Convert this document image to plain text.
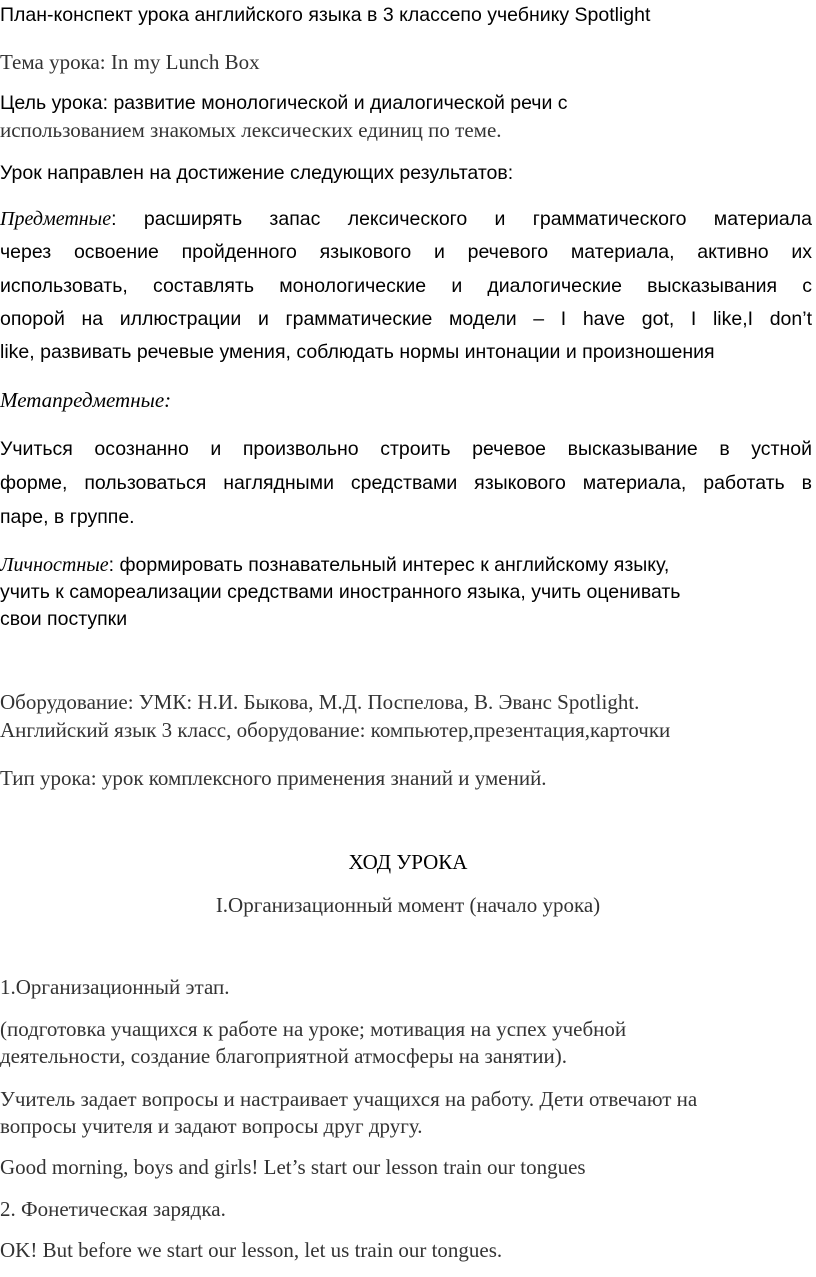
План-конспект урока английского языка в 3 классепо учебнику Spotlight

Тема урока: In my Lunch Box

Цель урока: развитие монологической и диалогической речи с

использованием знакомых лексических единиц по теме.

Урок направлен на достижение следующих результатов:

Предметные: расширять запас лексического и грамматического материала

через освоение пройденного языкового и речевого материала, активно их

использовать, составлять монологические и диалогические высказывания с

опорой на иллюстрации и грамматические модели – I have got, I like,I don’t

like, развивать речевые умения, соблюдать нормы интонации и произношения

Метапредметные:

Учиться осознанно и произвольно строить речевое высказывание в устной

форме, пользоваться наглядными средствами языкового материала, работать в

паре, в группе.

Личностные: формировать познавательный интерес к английскому языку,

учить к самореализации средствами иностранного языка, учить оценивать

свои поступки

Оборудование: УМК: Н.И. Быкова, М.Д. Поспелова, В. Эванс Spotlight.

Английский язык 3 класс, оборудование: компьютер,презентация,карточки

Тип урока: урок комплексного применения знаний и умений.

ХОД УРОКА

I.Организационный момент (начало урока)

1.Организационный этап.

(подготовка учащихся к работе на уроке; мотивация на успех учебной

деятельности, создание благоприятной атмосферы на занятии).

Учитель задает вопросы и настраивает учащихся на работу. Дети отвечают на

вопросы учителя и задают вопросы друг другу.

Good morning, boys and girls! Let’s start our lesson train our tongues

2. Фонетическая зарядка.

OK! But before we start our lesson, let us train our tongues.
